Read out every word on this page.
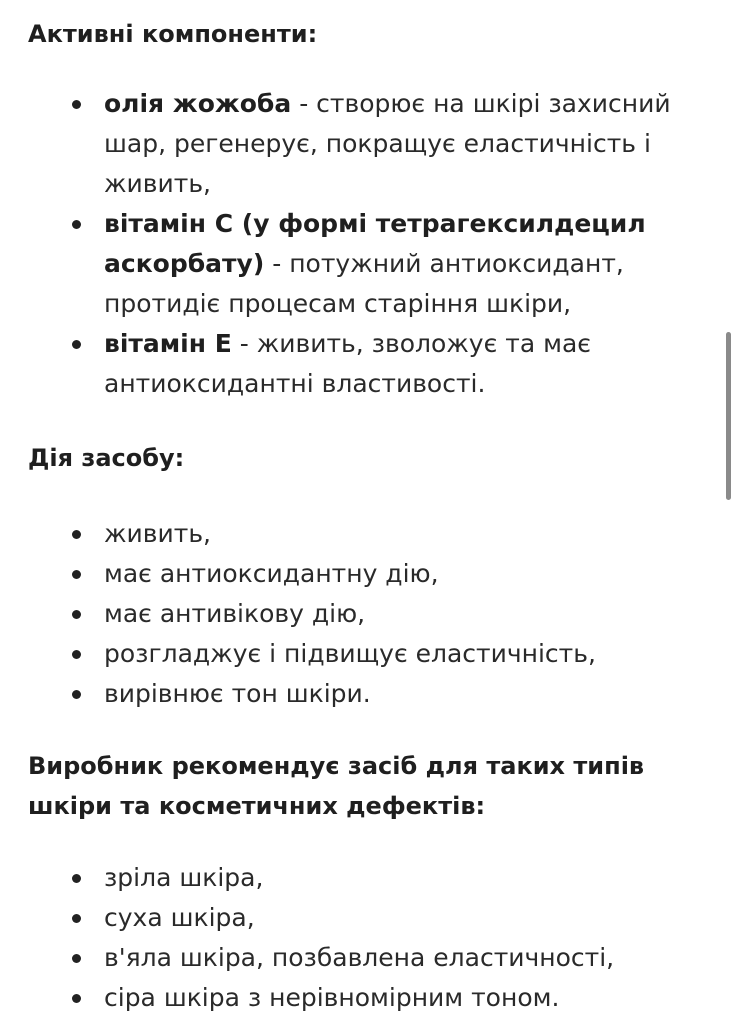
Активні компоненти:
олія жожоба - створює на шкірі захисний шар, регенерує, покращує еластичність і живить,
вітамін С (у формі тетрагексилдецил аскорбату) - потужний антиоксидант, протидіє процесам старіння шкіри,
вітамін Е - живить, зволожує та має антиоксидантні властивості.
Дія засобу:
живить,
має антиоксидантну дію,
має антивікову дію,
розгладжує і підвищує еластичність,
вирівнює тон шкіри.
Виробник рекомендує засіб для таких типів шкіри та косметичних дефектів:
зріла шкіра,
суха шкіра,
в'яла шкіра, позбавлена еластичності,
сіра шкіра з нерівномірним тоном.
